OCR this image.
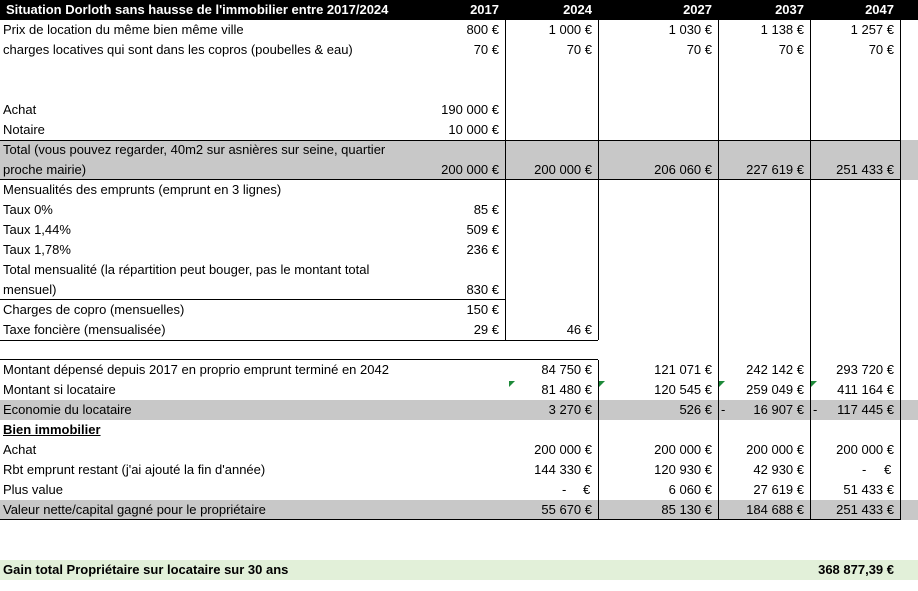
Situation Dorloth sans hausse de l'immobilier entre 2017/2024	2017	2024	2027	2037	2047
Prix de location du même bien même ville	800 €	1 000 €	1 030 €	1 138 €	1 257 €
charges locatives qui sont dans les copros (poubelles & eau)	70 €	70 €	70 €	70 €	70 €
Achat	190 000 €
Notaire	10 000 €
Total (vous pouvez regarder, 40m2 sur asnières sur seine, quartier
proche mairie)	200 000 €	200 000 €	206 060 €	227 619 €	251 433 €
Mensualités des emprunts (emprunt en 3 lignes)
Taux 0%	85 €
Taux 1,44%	509 €
Taux 1,78%	236 €
Total mensualité (la répartition peut bouger, pas le montant total
mensuel)	830 €
Charges de copro (mensuelles)	150 €
Taxe foncière (mensualisée)	29 €	46 €
Montant dépensé depuis 2017 en proprio emprunt terminé en 2042	84 750 €	121 071 €	242 142 €	293 720 €
Montant si locataire	81 480 €	120 545 €	259 049 €	411 164 €
Economie du locataire	3 270 €	526 € -	16 907 € -	117 445 €
Bien immobilier
Achat	200 000 €	200 000 €	200 000 €	200 000 €
Rbt emprunt restant (j'ai ajouté la fin d'année)	144 330 €	120 930 €	42 930 €	- €
Plus value	- €	6 060 €	27 619 €	51 433 €
Valeur nette/capital gagné pour le propriétaire	55 670 €	85 130 €	184 688 €	251 433 €
Gain total Propriétaire sur locataire sur 30 ans	368 877,39 €
